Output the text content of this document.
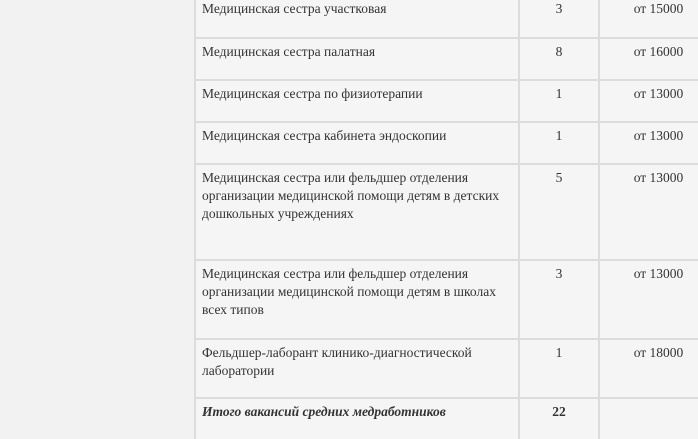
Медицинская сестра участковая	3	от 15000
Медицинская сестра палатная	8	от 16000
Медицинская сестра по физиотерапии	1	от 13000
Медицинская сестра кабинета эндоскопии	1	от 13000
Медицинская сестра или фельдшер отделения организации медицинской помощи детям в детских дошкольных учреждениях	5	от 13000
Медицинская сестра или фельдшер отделения организации медицинской помощи детям в школах всех типов	3	от 13000
Фельдшер-лаборант клинико-диагностической лаборатории	1	от 18000
Итого вакансий средних медработников	22	
